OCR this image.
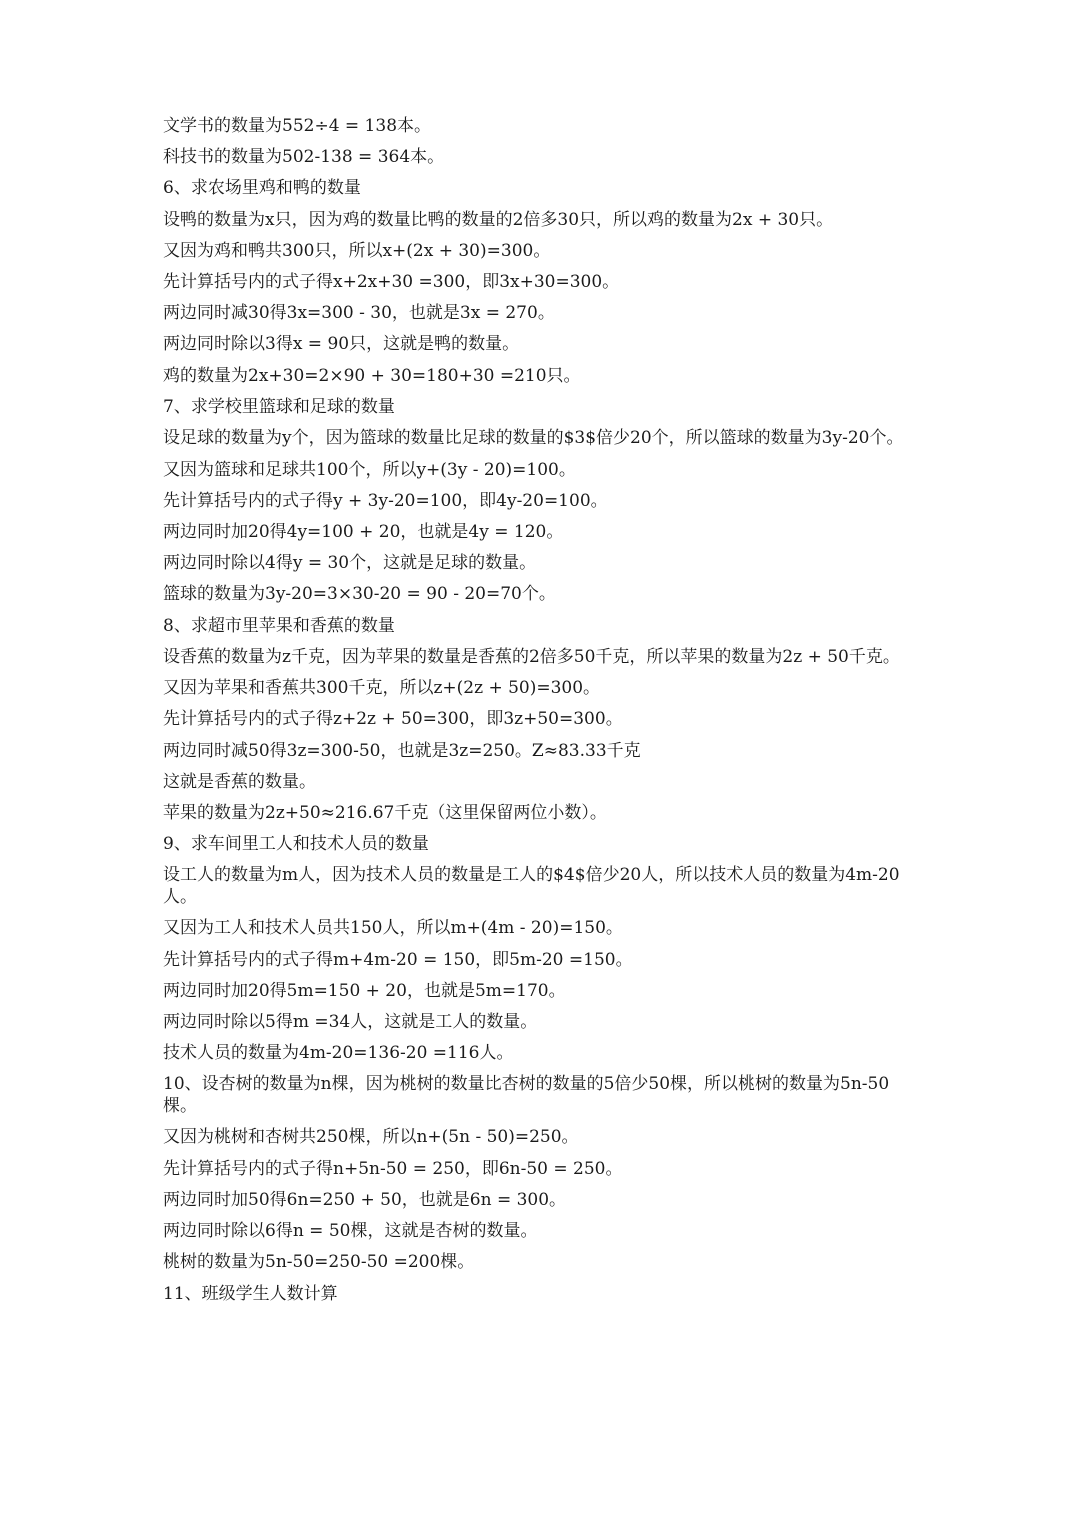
文学书的数量为552÷4 = 138本。

科技书的数量为502-138 = 364本。

6、求农场里鸡和鸭的数量

设鸭的数量为x只，因为鸡的数量比鸭的数量的2倍多30只，所以鸡的数量为2x + 30只。

又因为鸡和鸭共300只，所以x+(2x + 30)=300。

先计算括号内的式子得x+2x+30 =300，即3x+30=300。

两边同时减30得3x=300 - 30，也就是3x = 270。

两边同时除以3得x = 90只，这就是鸭的数量。

鸡的数量为2x+30=2×90 + 30=180+30 =210只。

7、求学校里篮球和足球的数量

设足球的数量为y个，因为篮球的数量比足球的数量的$3$倍少20个，所以篮球的数量为3y-20个。

又因为篮球和足球共100个，所以y+(3y - 20)=100。

先计算括号内的式子得y + 3y-20=100，即4y-20=100。

两边同时加20得4y=100 + 20，也就是4y = 120。

两边同时除以4得y = 30个，这就是足球的数量。

篮球的数量为3y-20=3×30-20 = 90 - 20=70个。

8、求超市里苹果和香蕉的数量

设香蕉的数量为z千克，因为苹果的数量是香蕉的2倍多50千克，所以苹果的数量为2z + 50千克。

又因为苹果和香蕉共300千克，所以z+(2z + 50)=300。

先计算括号内的式子得z+2z + 50=300，即3z+50=300。

两边同时减50得3z=300-50，也就是3z=250。Z≈83.33千克

这就是香蕉的数量。

苹果的数量为2z+50≈216.67千克（这里保留两位小数）。

9、求车间里工人和技术人员的数量

设工人的数量为m人，因为技术人员的数量是工人的$4$倍少20人，所以技术人员的数量为4m-20人。

又因为工人和技术人员共150人，所以m+(4m - 20)=150。

先计算括号内的式子得m+4m-20 = 150，即5m-20 =150。

两边同时加20得5m=150 + 20，也就是5m=170。

两边同时除以5得m =34人，这就是工人的数量。

技术人员的数量为4m-20=136-20 =116人。

10、设杏树的数量为n棵，因为桃树的数量比杏树的数量的5倍少50棵，所以桃树的数量为5n-50棵。

又因为桃树和杏树共250棵，所以n+(5n - 50)=250。

先计算括号内的式子得n+5n-50 = 250，即6n-50 = 250。

两边同时加50得6n=250 + 50，也就是6n = 300。

两边同时除以6得n = 50棵，这就是杏树的数量。

桃树的数量为5n-50=250-50 =200棵。

11、班级学生人数计算
